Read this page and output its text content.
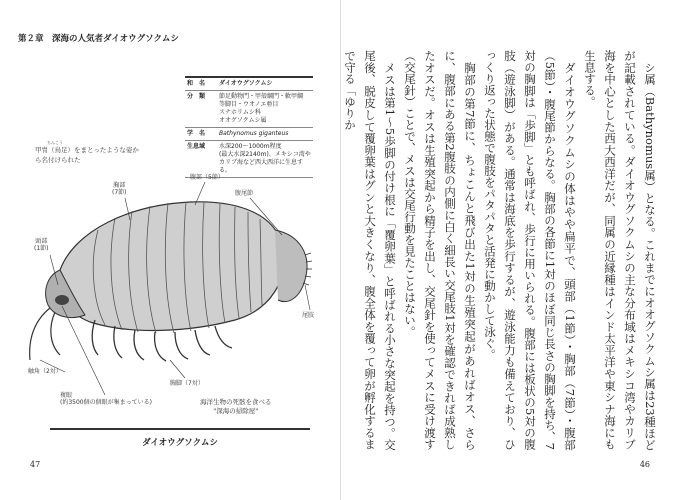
第２章　深海の人気者ダイオウグソクムシ
和　名	ダイオウグソクムシ
分　類	節足動物門・甲殻綱門・軟甲綱
等脚目・ウオノエ亜目
スナホリムシ科
オオグソクムシ属
学　名	Bathynomus giganteus
生息域	水深200〜1000m程度
(最大水深2140m)、メキシコ湾やカリブ海など西大西洋に生息する。
ちんこう
甲冑（鳥足）をまとったような姿から名付けられた
頭部
(1節)
胸部
(7節)
腹部（5節）
腹尾節
尾肢
触角（2対）
胸脚（7対）
複眼
(約3500個の個眼が集まっている)	海洋生物の死骸を食べる
"深海の掃除屋"
ダイオウグソクムシ
47

シ属（Bathynomus属）となる。これまでにオオグソクムシ属は23種ほどが記載されている。ダイオウグソクムシの主な分布域はメキシコ湾やカリブ海を中心とした西大西洋だが、同属の近縁種はインド太平洋や東シナ海にも生息する。

ダイオウグソクムシの体はやや扁平で、頭部（1節）・胸部（7節）・腹部（5節）・腹尾節からなる。胸部の各節に1対のほぼ同じ長さの胸脚を持ち、7対の胸脚は「歩脚」とも呼ばれ、歩行に用いられる。腹部には板状の5対の腹肢（遊泳脚）がある。通常は海底を歩行するが、遊泳能力も備えており、ひっくり返った状態で腹肢をパタパタと活発に動かして泳ぐ。

胸部の第7節に、ちょこんと飛び出た1対の生殖突起があればオス、さらに、腹部にある第2腹肢の内側に白く細長い交尾肢1対を確認できれば成熟したオスだ。オスは生殖突起から精子を出し、交尾針を使ってメスに受け渡す（交尾針）ことで、メスは交尾行動を見たことはない。

メスは第1〜5歩脚の付け根に「覆卵葉」と呼ばれる小さな突起を持つ。交尾後、脱皮して覆卵葉はグンと大きくなり、腹全体を覆って卵が孵化するまで守る「ゆりか

46
